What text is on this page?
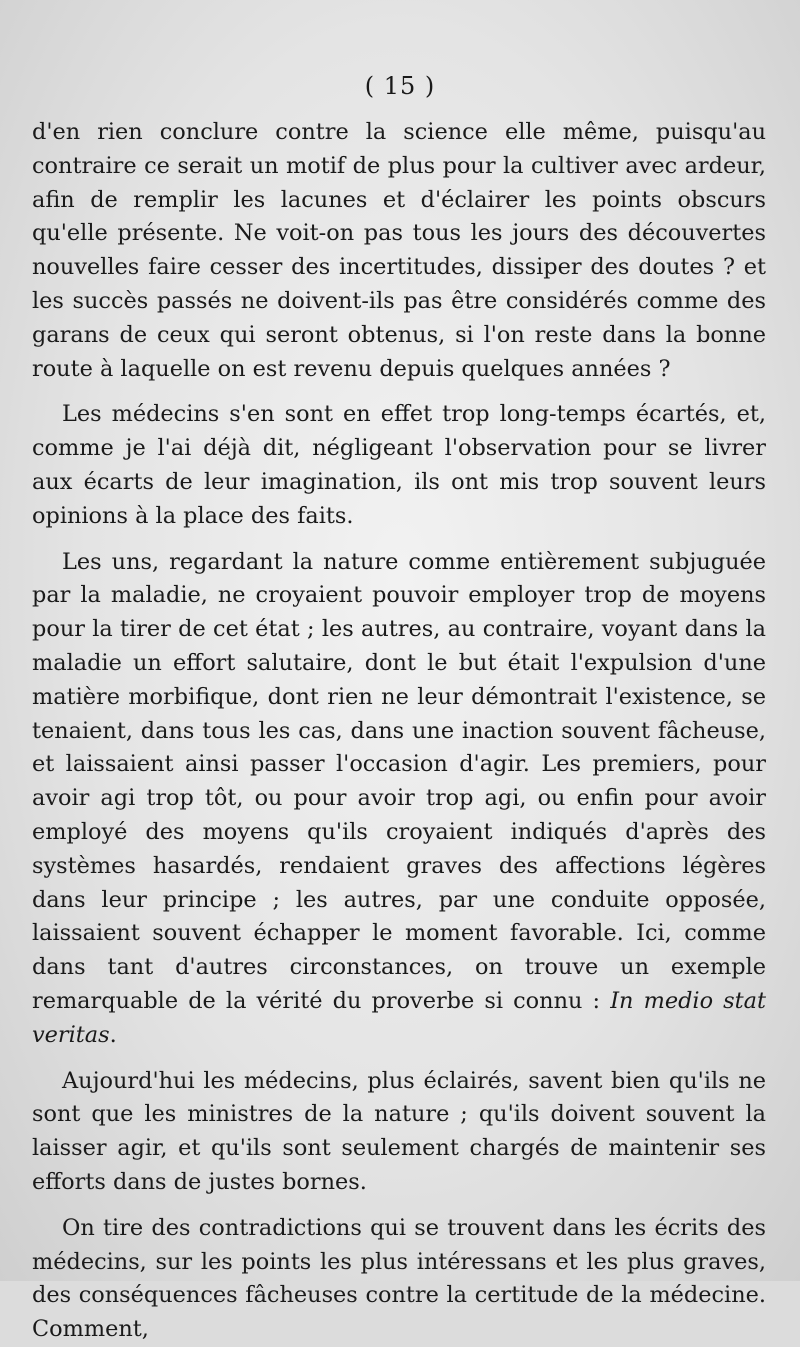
( 15 )

d'en rien conclure contre la science elle même, puisqu'au contraire ce serait un motif de plus pour la cultiver avec ardeur, afin de remplir les lacunes et d'éclairer les points obscurs qu'elle présente. Ne voit-on pas tous les jours des découvertes nouvelles faire cesser des incertitudes, dissiper des doutes ? et les succès passés ne doivent-ils pas être considérés comme des garans de ceux qui seront obtenus, si l'on reste dans la bonne route à laquelle on est revenu depuis quelques années ?

Les médecins s'en sont en effet trop long-temps écartés, et, comme je l'ai déjà dit, négligeant l'observation pour se livrer aux écarts de leur imagination, ils ont mis trop souvent leurs opinions à la place des faits.

Les uns, regardant la nature comme entièrement subjuguée par la maladie, ne croyaient pouvoir employer trop de moyens pour la tirer de cet état ; les autres, au contraire, voyant dans la maladie un effort salutaire, dont le but était l'expulsion d'une matière morbifique, dont rien ne leur démontrait l'existence, se tenaient, dans tous les cas, dans une inaction souvent fâcheuse, et laissaient ainsi passer l'occasion d'agir. Les premiers, pour avoir agi trop tôt, ou pour avoir trop agi, ou enfin pour avoir employé des moyens qu'ils croyaient indiqués d'après des systèmes hasardés, rendaient graves des affections légères dans leur principe ; les autres, par une conduite opposée, laissaient souvent échapper le moment favorable. Ici, comme dans tant d'autres circonstances, on trouve un exemple remarquable de la vérité du proverbe si connu : In medio stat veritas.

Aujourd'hui les médecins, plus éclairés, savent bien qu'ils ne sont que les ministres de la nature ; qu'ils doivent souvent la laisser agir, et qu'ils sont seulement chargés de maintenir ses efforts dans de justes bornes.

On tire des contradictions qui se trouvent dans les écrits des médecins, sur les points les plus intéressans et les plus graves, des conséquences fâcheuses contre la certitude de la médecine. Comment,
